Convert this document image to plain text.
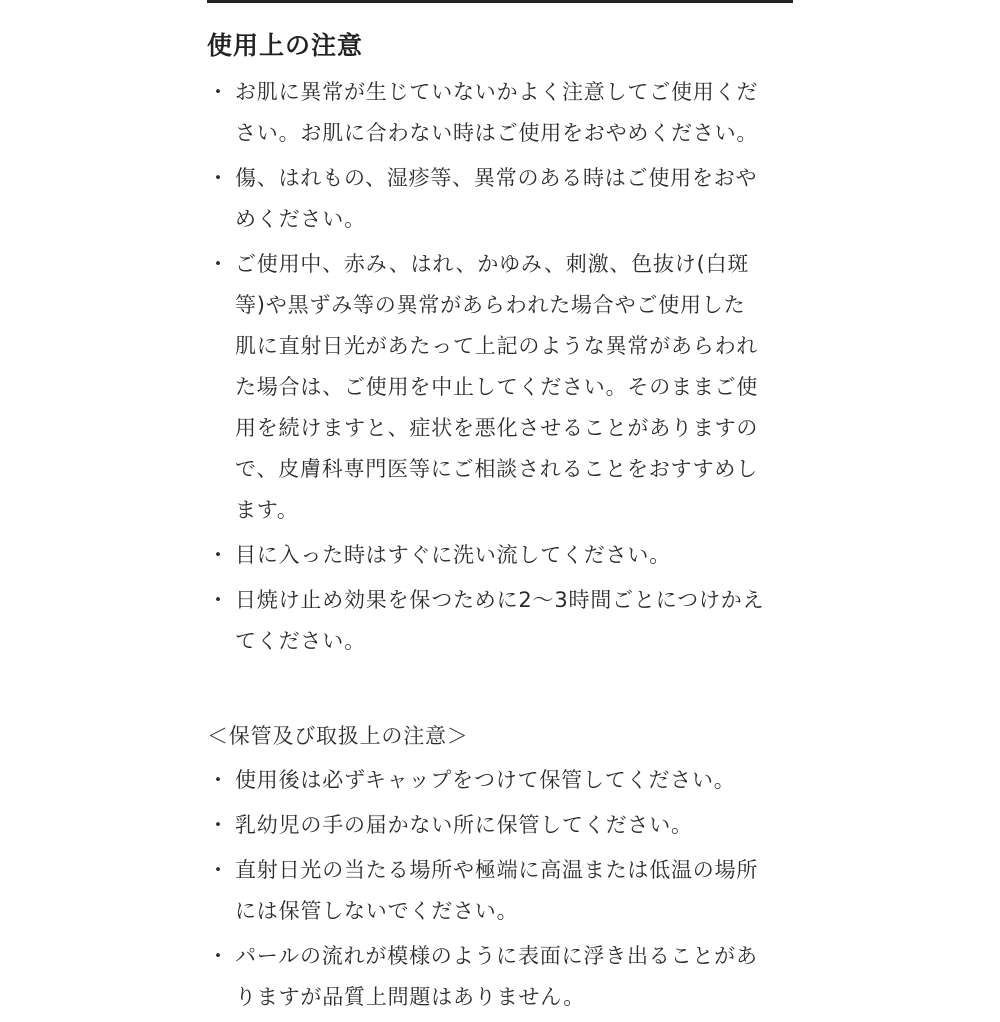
使用上の注意
・ お肌に異常が生じていないかよく注意してご使用くだ
さい。お肌に合わない時はご使用をおやめください。
・ 傷、はれもの、湿疹等、異常のある時はご使用をおや
めください。
・ ご使用中、赤み、はれ、かゆみ、刺激、色抜け(白斑
等)や黒ずみ等の異常があらわれた場合やご使用した
肌に直射日光があたって上記のような異常があらわれ
た場合は、ご使用を中止してください。そのままご使
用を続けますと、症状を悪化させることがありますの
で、皮膚科専門医等にご相談されることをおすすめし
ます。
・ 目に入った時はすぐに洗い流してください。
・ 日焼け止め効果を保つために2〜3時間ごとにつけかえ
てください。
＜保管及び取扱上の注意＞
・ 使用後は必ずキャップをつけて保管してください。
・ 乳幼児の手の届かない所に保管してください。
・ 直射日光の当たる場所や極端に高温または低温の場所
には保管しないでください。
・ パールの流れが模様のように表面に浮き出ることがあ
りますが品質上問題はありません。
